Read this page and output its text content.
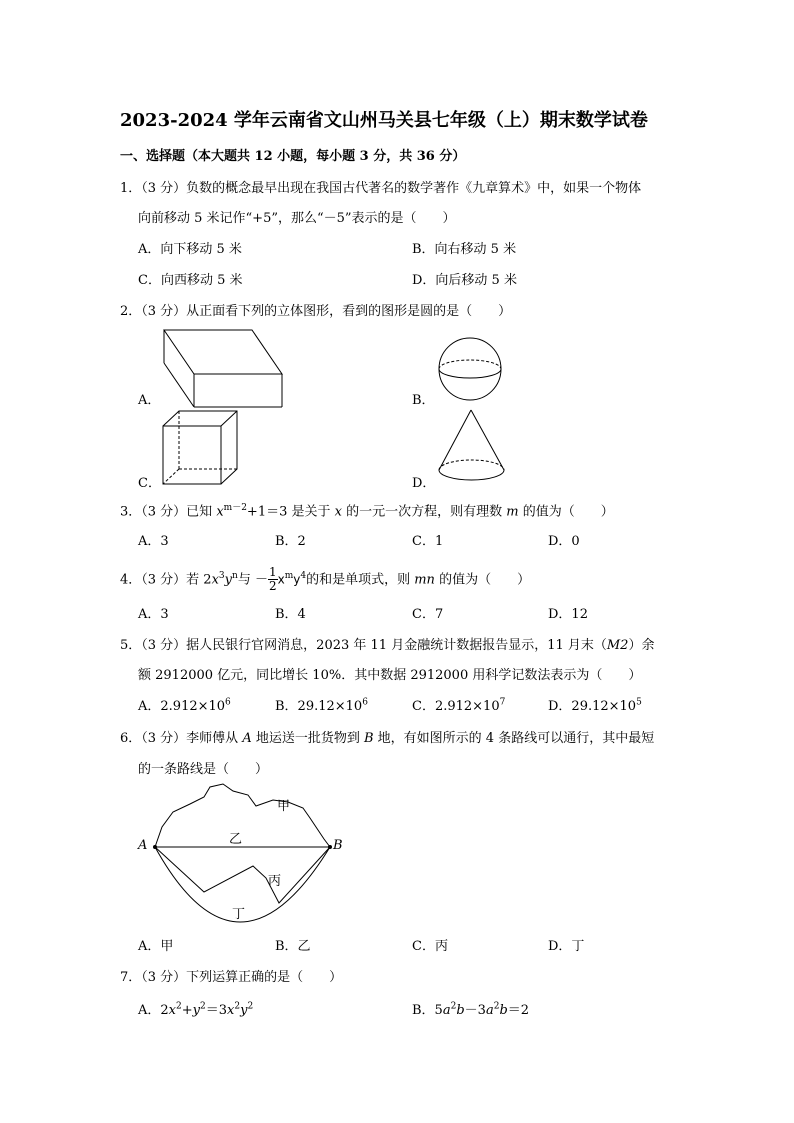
2023-2024 学年云南省文山州马关县七年级（上）期末数学试卷
一、选择题（本大题共 12 小题，每小题 3 分，共 36 分）
1．（3 分）负数的概念最早出现在我国古代著名的数学著作《九章算术》中，如果一个物体
向前移动 5 米记作“+5”，那么“－5”表示的是（　　）
A．向下移动 5 米	B．向右移动 5 米
C．向西移动 5 米	D．向后移动 5 米
2．（3 分）从正面看下列的立体图形，看到的图形是圆的是（　　）
A．	B．
C．	D．
3．（3 分）已知 $x^{m-2}+1=3$ 是关于 x 的一元一次方程，则有理数 m 的值为（　　）
A．3	B．2	C．1	D．0
4．（3 分）若 $2x^3y^n$与 － $\frac{1}{2} x^my^4$的和是单项式，则 mn 的值为（　　）
A．3	B．4	C．7	D．12
5．（3 分）据人民银行官网消息，2023 年 11 月金融统计数据报告显示，11 月末（M2）余
额 2912000 亿元，同比增长 10%．其中数据 2912000 用科学记数法表示为（　　）
A．$2.912\times 10^6$	B．$29.12\times 10^6$	C．$2.912\times 10^7$	D．$29.12\times 10^5$
6．（3 分）李师傅从 A 地运送一批货物到 B 地，有如图所示的 4 条路线可以通行，其中最短
的一条路线是（　　）
A	B
甲
乙
丙
丁
A．甲	B．乙	C．丙	D．丁
7．（3 分）下列运算正确的是（　　）
A．$2x^2+y^2=3x^2y^2$	B．$5a^2b-3a^2b=2$
